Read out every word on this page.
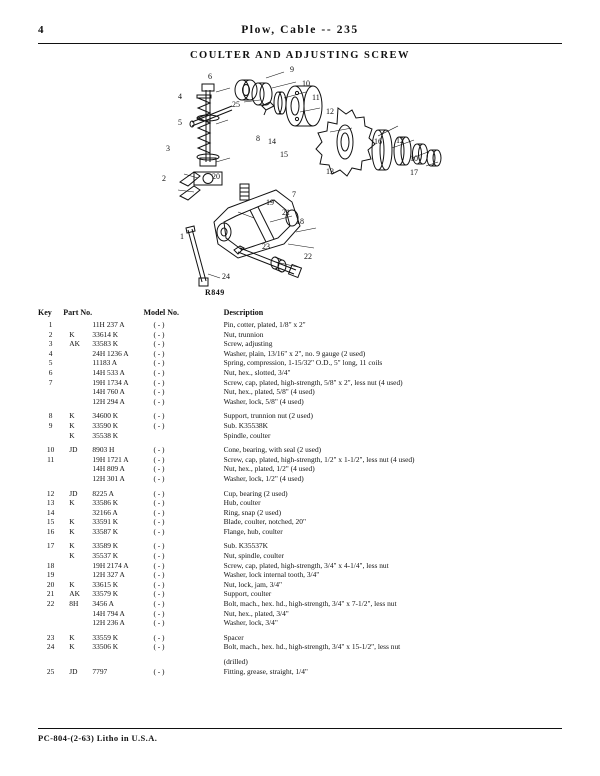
4	Plow, Cable -- 235
COULTER AND ADJUSTING SCREW
1
2
3
4
5
6
7
8
9
10
11
12
13
14
15
16
17
18
19
20
21
22
23
24
25
10
12
R849
Key	Part No.		Model No.	Description
1		11H 237 A	( - )	Pin, cotter, plated, 1/8" x 2"
2	K	33614 K	( - )	Nut, trunnion
3	AK	33583 K	( - )	Screw, adjusting
4		24H 1236 A	( - )	Washer, plain, 13/16" x 2", no. 9 gauge (2 used)
5		11183 A	( - )	Spring, compression, 1-15/32" O.D., 5" long, 11 coils
6		14H 533 A	( - )	Nut, hex., slotted, 3/4"
7		19H 1734 A	( - )	Screw, cap, plated, high-strength, 5/8" x 2", less nut (4 used)
		14H 760 A	( - )	Nut, hex., plated, 5/8" (4 used)
		12H 294 A	( - )	Washer, lock, 5/8" (4 used)
8	K	34600 K	( - )	Support, trunnion nut (2 used)
9	K	33590 K	( - )	Sub. K35538K
	K	35538 K		Spindle, coulter
10	JD	8903 H	( - )	Cone, bearing, with seal (2 used)
11		19H 1721 A	( - )	Screw, cap, plated, high-strength, 1/2" x 1-1/2", less nut (4 used)
		14H 809 A	( - )	Nut, hex., plated, 1/2" (4 used)
		12H 301 A	( - )	Washer, lock, 1/2" (4 used)
12	JD	8225 A	( - )	Cup, bearing (2 used)
13	K	33586 K	( - )	Hub, coulter
14		32166 A	( - )	Ring, snap (2 used)
15	K	33591 K	( - )	Blade, coulter, notched, 20"
16	K	33587 K	( - )	Flange, hub, coulter
17	K	33589 K	( - )	Sub. K35537K
	K	35537 K	( - )	Nut, spindle, coulter
18		19H 2174 A	( - )	Screw, cap, plated, high-strength, 3/4" x 4-1/4", less nut
19		12H 327 A	( - )	Washer, lock internal tooth, 3/4"
20	K	33615 K	( - )	Nut, lock, jam, 3/4"
21	AK	33579 K	( - )	Support, coulter
22	8H	3456 A	( - )	Bolt, mach., hex. hd., high-strength, 3/4" x 7-1/2", less nut
		14H 794 A	( - )	Nut, hex., plated, 3/4"
		12H 236 A	( - )	Washer, lock, 3/4"
23	K	33559 K	( - )	Spacer
24	K	33506 K	( - )	Bolt, mach., hex. hd., high-strength, 3/4" x 15-1/2", less nut
				(drilled)
25	JD	7797	( - )	Fitting, grease, straight, 1/4"
PC-804-(2-63) Litho in U.S.A.
